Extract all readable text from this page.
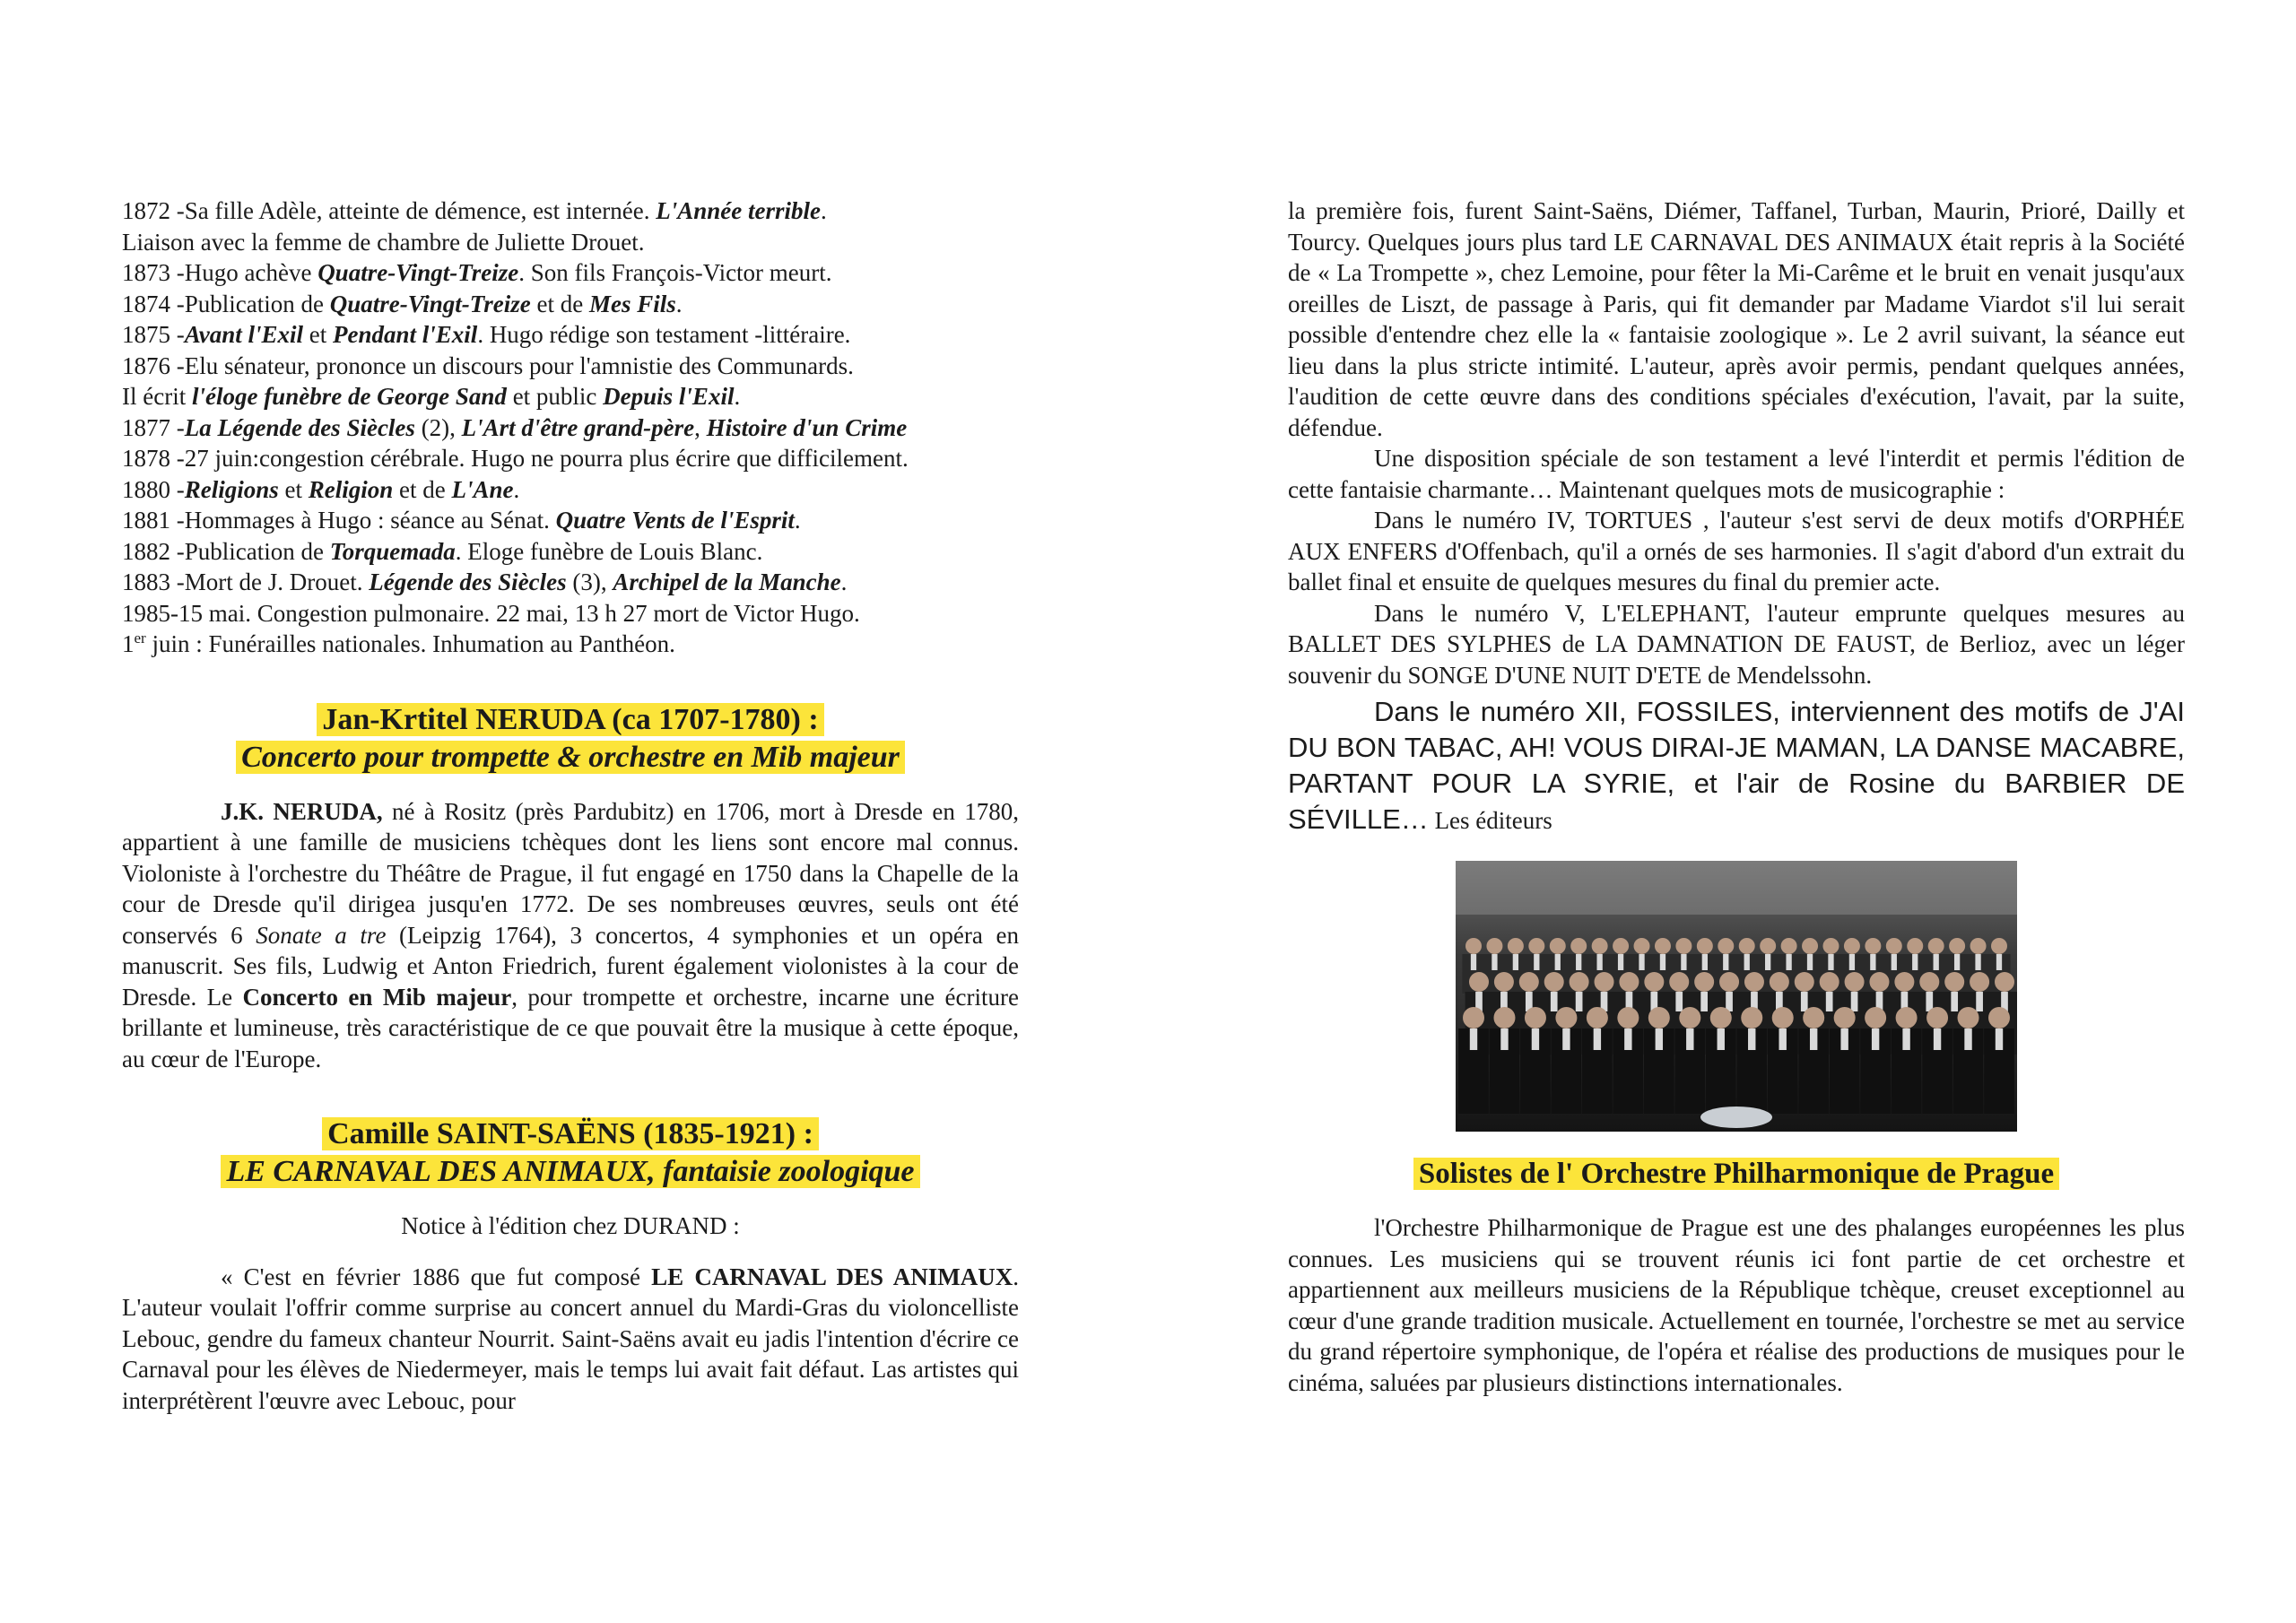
1872 -Sa fille Adèle, atteinte de démence, est internée. L'Année terrible.
Liaison avec la femme de chambre de Juliette Drouet.
1873 -Hugo achève Quatre-Vingt-Treize. Son fils François-Victor meurt.
1874 -Publication de Quatre-Vingt-Treize et de Mes Fils.
1875 -Avant l'Exil et Pendant l'Exil. Hugo rédige son testament -littéraire.
1876 -Elu sénateur, prononce un discours pour l'amnistie des Communards.
Il écrit l'éloge funèbre de George Sand et public Depuis l'Exil.
1877 -La Légende des Siècles (2), L'Art d'être grand-père, Histoire d'un Crime
1878 -27 juin:congestion cérébrale. Hugo ne pourra plus écrire que difficilement.
1880 -Religions et Religion et de L'Ane.
1881 -Hommages à Hugo : séance au Sénat. Quatre Vents de l'Esprit.
1882 -Publication de Torquemada. Eloge funèbre de Louis Blanc.
1883 -Mort de J. Drouet. Légende des Siècles (3), Archipel de la Manche.
1985-15 mai. Congestion pulmonaire. 22 mai, 13 h 27 mort de Victor Hugo.
1er juin : Funérailles nationales. Inhumation au Panthéon.
Jan-Krtitel NERUDA (ca 1707-1780) :
Concerto pour trompette & orchestre en Mib majeur

J.K. NERUDA, né à Rositz (près Pardubitz) en 1706, mort à Dresde en 1780, appartient à une famille de musiciens tchèques dont les liens sont encore mal connus. Violoniste à l'orchestre du Théâtre de Prague, il fut engagé en 1750 dans la Chapelle de la cour de Dresde qu'il dirigea jusqu'en 1772. De ses nombreuses œuvres, seuls ont été conservés 6 Sonate a tre (Leipzig 1764), 3 concertos, 4 symphonies et un opéra en manuscrit. Ses fils, Ludwig et Anton Friedrich, furent également violonistes à la cour de Dresde. Le Concerto en Mib majeur, pour trompette et orchestre, incarne une écriture brillante et lumineuse, très caractéristique de ce que pouvait être la musique à cette époque, au cœur de l'Europe.

Camille SAINT-SAËNS (1835-1921) :
LE CARNAVAL DES ANIMAUX, fantaisie zoologique
Notice à l'édition chez DURAND :

« C'est en février 1886 que fut composé LE CARNAVAL DES ANIMAUX. L'auteur voulait l'offrir comme surprise au concert annuel du Mardi-Gras du violoncelliste Lebouc, gendre du fameux chanteur Nourrit. Saint-Saëns avait eu jadis l'intention d'écrire ce Carnaval pour les élèves de Niedermeyer, mais le temps lui avait fait défaut. Las artistes qui interprétèrent l'œuvre avec Lebouc, pour

la première fois, furent Saint-Saëns, Diémer, Taffanel, Turban, Maurin, Prioré, Dailly et Tourcy. Quelques jours plus tard LE CARNAVAL DES ANIMAUX était repris à la Société de « La Trompette », chez Lemoine, pour fêter la Mi-Carême et le bruit en venait jusqu'aux oreilles de Liszt, de passage à Paris, qui fit demander par Madame Viardot s'il lui serait possible d'entendre chez elle la « fantaisie zoologique ». Le 2 avril suivant, la séance eut lieu dans la plus stricte intimité. L'auteur, après avoir permis, pendant quelques années, l'audition de cette œuvre dans des conditions spéciales d'exécution, l'avait, par la suite, défendue.

Une disposition spéciale de son testament a levé l'interdit et permis l'édition de cette fantaisie charmante… Maintenant quelques mots de musicographie :

Dans le numéro IV, TORTUES , l'auteur s'est servi de deux motifs d'ORPHÉE AUX ENFERS d'Offenbach, qu'il a ornés de ses harmonies. Il s'agit d'abord d'un extrait du ballet final et ensuite de quelques mesures du final du premier acte.

Dans le numéro V, L'ELEPHANT, l'auteur emprunte quelques mesures au BALLET DES SYLPHES de LA DAMNATION DE FAUST, de Berlioz, avec un léger souvenir du SONGE D'UNE NUIT D'ETE de Mendelssohn.

Dans le numéro XII, FOSSILES, interviennent des motifs de J'AI DU BON TABAC, AH! VOUS DIRAI-JE MAMAN, LA DANSE MACABRE, PARTANT POUR LA SYRIE, et l'air de Rosine du BARBIER DE SÉVILLE… Les éditeurs

Solistes de l' Orchestre Philharmonique de Prague

l'Orchestre Philharmonique de Prague est une des phalanges européennes les plus connues. Les musiciens qui se trouvent réunis ici font partie de cet orchestre et appartiennent aux meilleurs musiciens de la République tchèque, creuset exceptionnel au cœur d'une grande tradition musicale. Actuellement en tournée, l'orchestre se met au service du grand répertoire symphonique, de l'opéra et réalise des productions de musiques pour le cinéma, saluées par plusieurs distinctions internationales.
